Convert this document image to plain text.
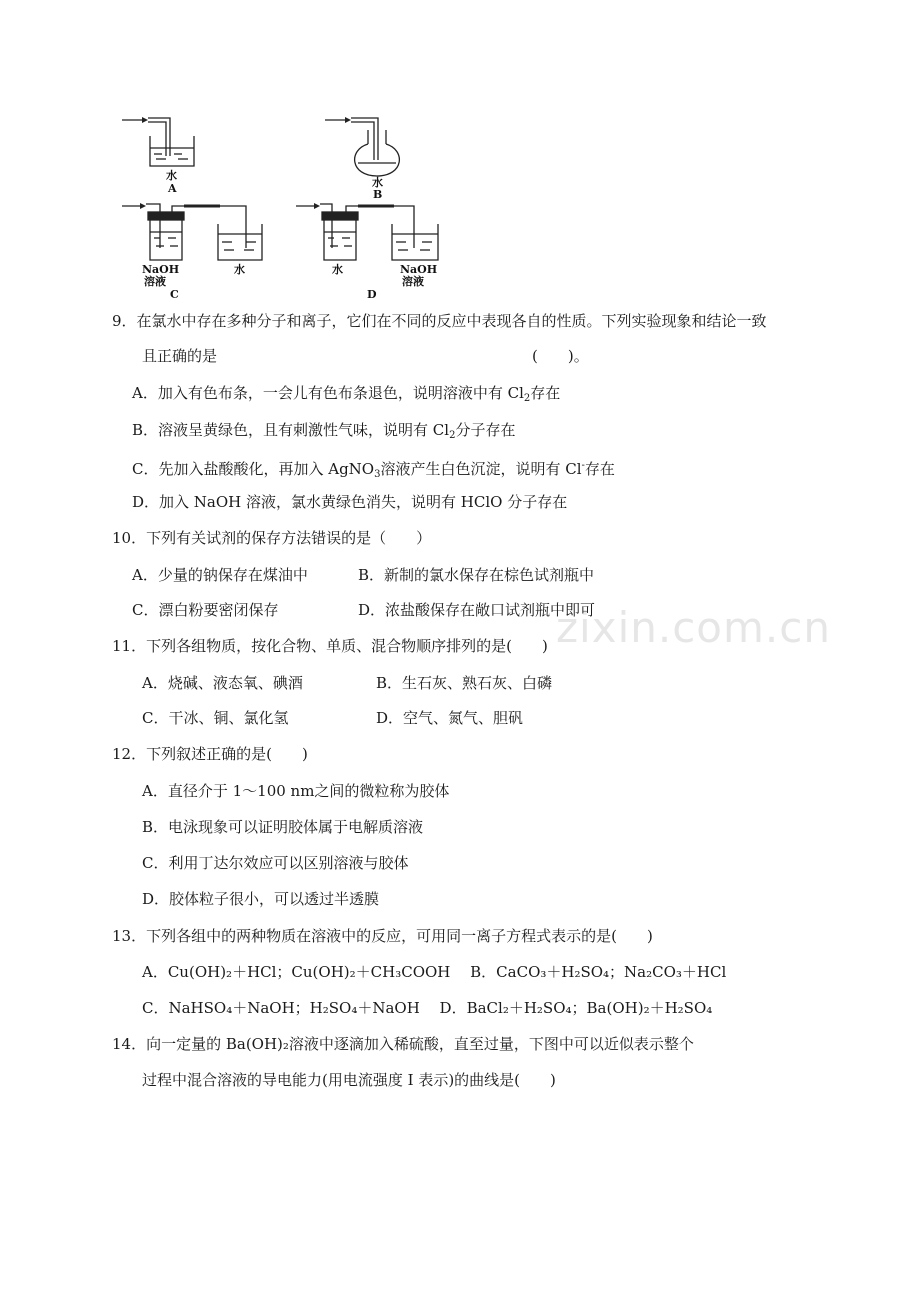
水
A	水
B
NaOH
溶液
水
C
水	NaOH
溶液
D
zixin.com.cn
9．在氯水中存在多种分子和离子，它们在不同的反应中表现各自的性质。下列实验现象和结论一致
且正确的是	(　　)。
A．加入有色布条，一会儿有色布条退色，说明溶液中有 $Cl_2$存在
B．溶液呈黄绿色，且有刺激性气味，说明有 $Cl_2$分子存在
C．先加入盐酸酸化，再加入 AgNO$_3$溶液产生白色沉淀，说明有 Cl-存在
D．加入 NaOH 溶液，氯水黄绿色消失，说明有 HClO 分子存在
10．下列有关试剂的保存方法错误的是（　　）
A．少量的钠保存在煤油中	B．新制的氯水保存在棕色试剂瓶中
C．漂白粉要密闭保存	D．浓盐酸保存在敞口试剂瓶中即可
11．下列各组物质，按化合物、单质、混合物顺序排列的是(　　)
A．烧碱、液态氧、碘酒	B．生石灰、熟石灰、白磷
C．干冰、铜、氯化氢	D．空气、氮气、胆矾
12．下列叙述正确的是(　　)
A．直径介于 1～100 nm之间的微粒称为胶体
B．电泳现象可以证明胶体属于电解质溶液
C．利用丁达尔效应可以区别溶液与胶体
D．胶体粒子很小，可以透过半透膜
13．下列各组中的两种物质在溶液中的反应，可用同一离子方程式表示的是(　　)
A．Cu(OH)₂＋HCl；Cu(OH)₂＋CH₃COOH　 B．CaCO₃＋H₂SO₄；Na₂CO₃＋HCl
C．NaHSO₄＋NaOH；H₂SO₄＋NaOH　 D．BaCl₂＋H₂SO₄；Ba(OH)₂＋H₂SO₄
14．向一定量的 Ba(OH)₂溶液中逐滴加入稀硫酸，直至过量，下图中可以近似表示整个
过程中混合溶液的导电能力(用电流强度 I 表示)的曲线是(　　)
